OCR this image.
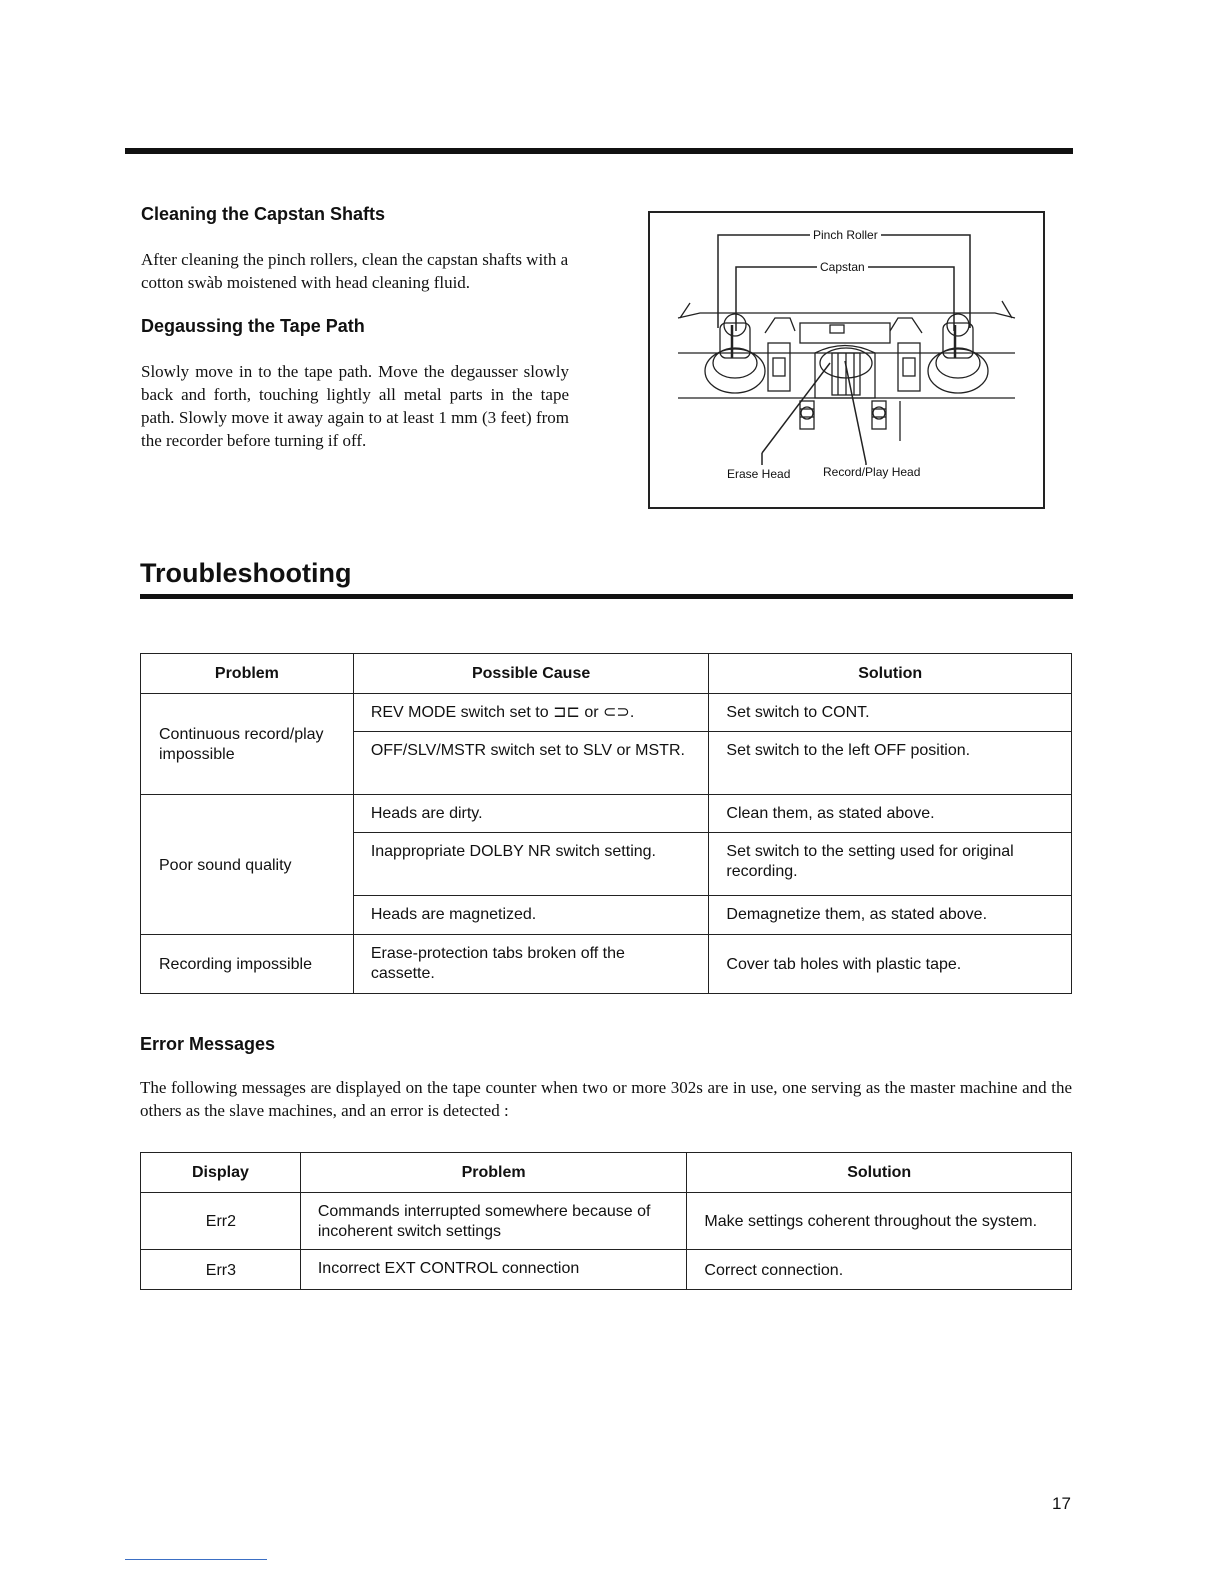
Cleaning the Capstan Shafts

After cleaning the pinch rollers, clean the capstan shafts with a cotton swàb moistened with head cleaning fluid.

Degaussing the Tape Path

Slowly move in to the tape path. Move the degausser slowly back and forth, touching lightly all metal parts in the tape path. Slowly move it away again to at least 1 mm (3 feet) from the recorder before turning if off.

Pinch Roller
Capstan
Erase Head	Record/Play Head
Troubleshooting
Problem	Possible Cause	Solution
Continuous record/play impossible	REV MODE switch set to ⊐⊏ or ⊂⊃.	Set switch to CONT.
	OFF/SLV/MSTR switch set to SLV or MSTR.	Set switch to the left OFF position.
Poor sound quality	Heads are dirty.	Clean them, as stated above.
	Inappropriate DOLBY NR switch setting.	Set switch to the setting used for original recording.
	Heads are magnetized.	Demagnetize them, as stated above.
Recording impossible	Erase-protection tabs broken off the cassette.	Cover tab holes with plastic tape.
Error Messages

The following messages are displayed on the tape counter when two or more 302s are in use, one serving as the master machine and the others as the slave machines, and an error is detected :

Display	Problem	Solution
Err2	Commands interrupted somewhere because of incoherent switch settings	Make settings coherent throughout the system.
Err3	Incorrect EXT CONTROL connection	Correct connection.
17
